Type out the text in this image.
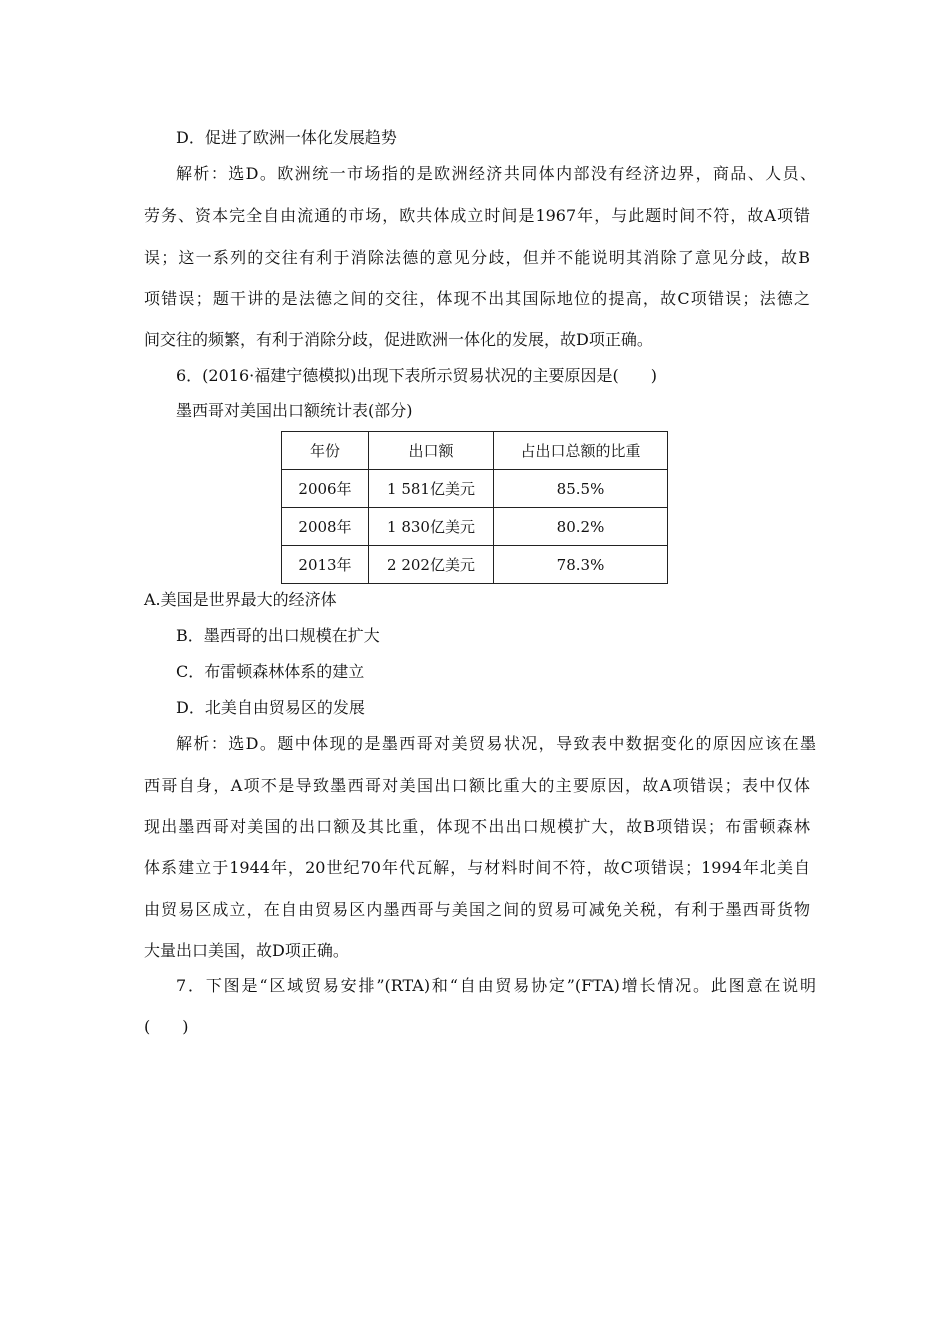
D．促进了欧洲一体化发展趋势
解析：选D。欧洲统一市场指的是欧洲经济共同体内部没有经济边界，商品、人员、
劳务、资本完全自由流通的市场，欧共体成立时间是1967年，与此题时间不符，故A项错
误；这一系列的交往有利于消除法德的意见分歧，但并不能说明其消除了意见分歧，故B
项错误；题干讲的是法德之间的交往，体现不出其国际地位的提高，故C项错误；法德之
间交往的频繁，有利于消除分歧，促进欧洲一体化的发展，故D项正确。
6．(2016·福建宁德模拟)出现下表所示贸易状况的主要原因是(　　)
墨西哥对美国出口额统计表(部分)
年份	出口额	占出口总额的比重
2006年	1 581亿美元	85.5%
2008年	1 830亿美元	80.2%
2013年	2 202亿美元	78.3%
A.美国是世界最大的经济体
B．墨西哥的出口规模在扩大
C．布雷顿森林体系的建立
D．北美自由贸易区的发展
解析：选D。题中体现的是墨西哥对美贸易状况，导致表中数据变化的原因应该在墨
西哥自身，A项不是导致墨西哥对美国出口额比重大的主要原因，故A项错误；表中仅体
现出墨西哥对美国的出口额及其比重，体现不出出口规模扩大，故B项错误；布雷顿森林
体系建立于1944年，20世纪70年代瓦解，与材料时间不符，故C项错误；1994年北美自
由贸易区成立，在自由贸易区内墨西哥与美国之间的贸易可减免关税，有利于墨西哥货物
大量出口美国，故D项正确。
7．下图是“区域贸易安排”(RTA)和“自由贸易协定”(FTA)增长情况。此图意在说明
(　　)
